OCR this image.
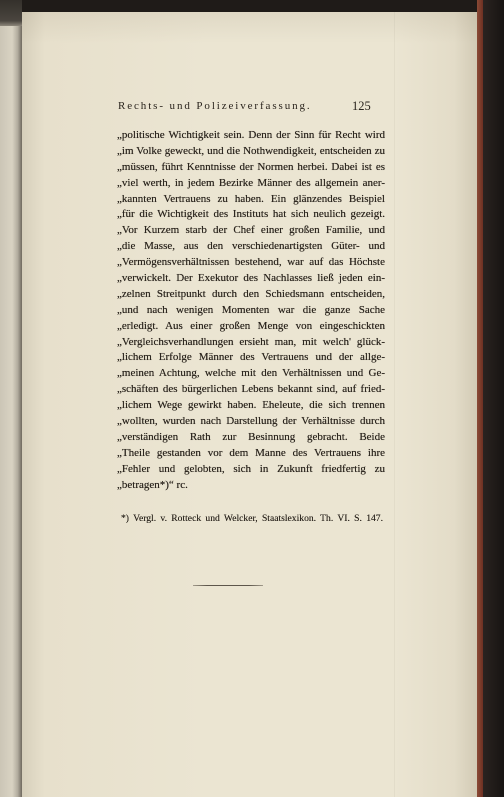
Rechts- und Polizeiverfassung.	125
„politische Wichtigkeit sein. Denn der Sinn für Recht wird
„im Volke geweckt, und die Nothwendigkeit, entscheiden zu
„müssen, führt Kenntnisse der Normen herbei. Dabei ist es
„viel werth, in jedem Bezirke Männer des allgemein aner-
„kannten Vertrauens zu haben. Ein glänzendes Beispiel
„für die Wichtigkeit des Instituts hat sich neulich gezeigt.
„Vor Kurzem starb der Chef einer großen Familie, und
„die Masse, aus den verschiedenartigsten Güter- und
„Vermögensverhältnissen bestehend, war auf das Höchste
„verwickelt. Der Exekutor des Nachlasses ließ jeden ein-
„zelnen Streitpunkt durch den Schiedsmann entscheiden,
„und nach wenigen Momenten war die ganze Sache
„erledigt. Aus einer großen Menge von eingeschickten
„Vergleichsverhandlungen ersieht man, mit welch' glück-
„lichem Erfolge Männer des Vertrauens und der allge-
„meinen Achtung, welche mit den Verhältnissen und Ge-
„schäften des bürgerlichen Lebens bekannt sind, auf fried-
„lichem Wege gewirkt haben. Eheleute, die sich trennen
„wollten, wurden nach Darstellung der Verhältnisse durch
„verständigen Rath zur Besinnung gebracht. Beide
„Theile gestanden vor dem Manne des Vertrauens ihre
„Fehler und gelobten, sich in Zukunft friedfertig zu
„betragen*)“ rc.
*) Vergl. v. Rotteck und Welcker, Staatslexikon. Th. VI. S. 147.
